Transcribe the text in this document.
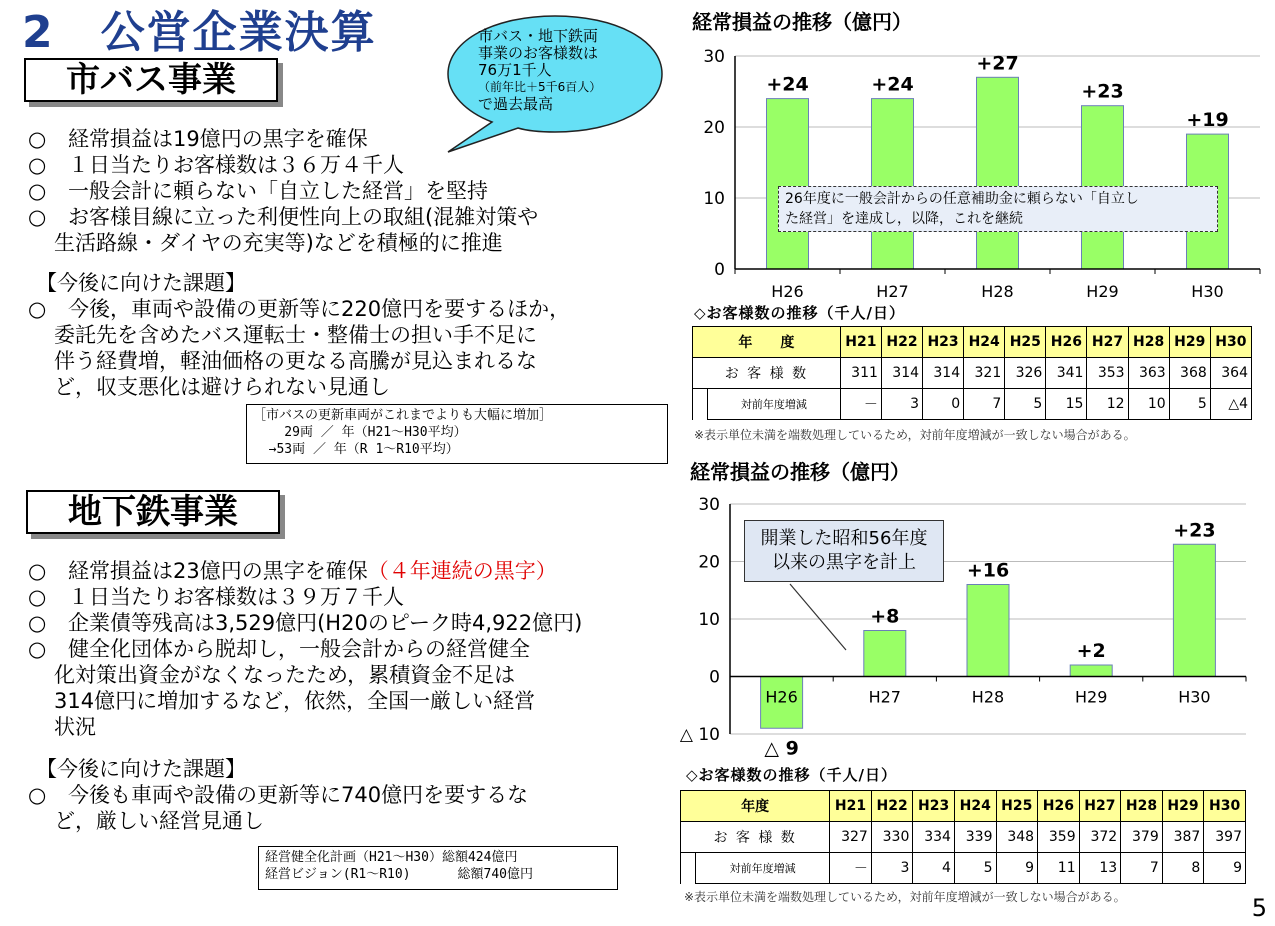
2　公営企業決算
市バス事業
市バス・地下鉄両
事業のお客様数は
76万1千人
（前年比＋5千6百人）
で過去最高
○	経常損益は19億円の黒字を確保
○	１日当たりお客様数は３６万４千人
○	一般会計に頼らない「自立した経営」を堅持
○	お客様目線に立った利便性向上の取組(混雑対策や
生活路線・ダイヤの充実等)などを積極的に推進
【今後に向けた課題】
○	今後，車両や設備の更新等に220億円を要するほか，
委託先を含めたバス運転士・整備士の担い手不足に
伴う経費増，軽油価格の更なる高騰が見込まれるな
ど，収支悪化は避けられない見通し
［市バスの更新車両がこれまでよりも大幅に増加］
29両 ／ 年（H21～H30平均）
→53両 ／ 年（R 1～R10平均）
地下鉄事業
○	経常損益は23億円の黒字を確保 （４年連続の黒字）
○	１日当たりお客様数は３９万７千人
○	企業債等残高は3,529億円(H20のピーク時4,922億円)
○	健全化団体から脱却し，一般会計からの経営健全
化対策出資金がなくなったため，累積資金不足は
314億円に増加するなど，依然，全国一厳しい経営
状況
【今後に向けた課題】
○	今後も車両や設備の更新等に740億円を要するな
ど，厳しい経営見通し
経営健全化計画（H21～H30）総額424億円
経営ビジョン(R1～R10)      総額740億円
経常損益の推移（億円）
0
10
20
30
+24
H26
+24
H27
+27
H28
+23
H29
+19
H30
26年度に一般会計からの任意補助金に頼らない「自立し
た経営」を達成し，以降，これを継続
◇お客様数の推移（千人/日）
年　　度		H21	H22	H23	H24	H25	H26	H27	H28	H29	H30
お 客 様 数		311	314	314	321	326	341	353	363	368	364
	対前年度増減	－	3	0	7	5	15	12	10	5	△4
※表示単位未満を端数処理しているため，対前年度増減が一致しない場合がある。
経常損益の推移（億円）
△ 10
0
10
20
30
△ 9
H26
+8
H27
+16
H28
+2
H29
+23
H30
開業した昭和56年度
以来の黒字を計上
◇お客様数の推移（千人/日）
年度		H21	H22	H23	H24	H25	H26	H27	H28	H29	H30
お 客 様 数		327	330	334	339	348	359	372	379	387	397
	対前年度増減	－	3	4	5	9	11	13	7	8	9
※表示単位未満を端数処理しているため，対前年度増減が一致しない場合がある。	5
